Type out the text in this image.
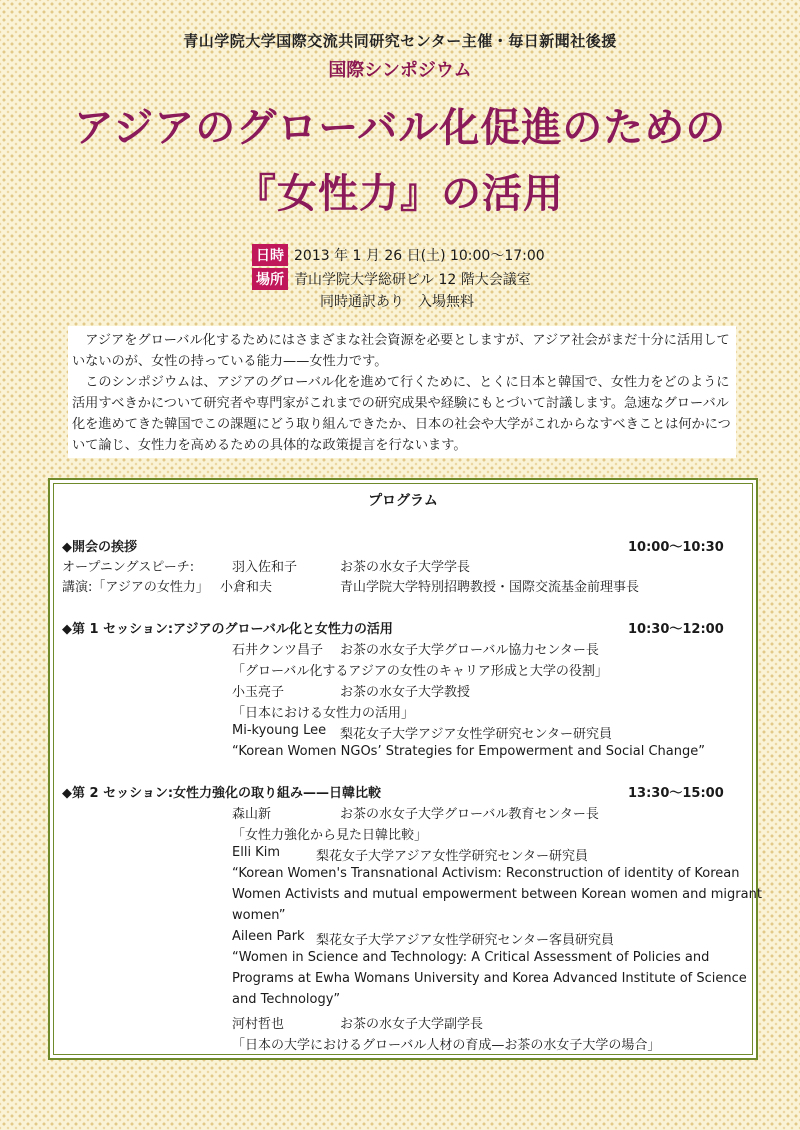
青山学院大学国際交流共同研究センター主催・毎日新聞社後援
国際シンポジウム
アジアのグローバル化促進のための
『女性力』の活用
日時 2013 年 1 月 26 日(土) 10:00～17:00
場所 青山学院大学総研ビル 12 階大会議室
同時通訳あり　入場無料

アジアをグローバル化するためにはさまざまな社会資源を必要としますが、アジア社会がまだ十分に活用していないのが、女性の持っている能力——女性力です。

このシンポジウムは、アジアのグローバル化を進めて行くために、とくに日本と韓国で、女性力をどのように活用すべきかについて研究者や専門家がこれまでの研究成果や経験にもとづいて討議します。急速なグローバル化を進めてきた韓国でこの課題にどう取り組んできたか、日本の社会や大学がこれからなすべきことは何かについて論じ、女性力を高めるための具体的な政策提言を行ないます。

プログラム
◆開会の挨拶	10:00～10:30
オープニングスピーチ:	羽入佐和子	お茶の水女子大学学長
講演:「アジアの女性力」 小倉和夫	青山学院大学特別招聘教授・国際交流基金前理事長
◆第 1 セッション:アジアのグローバル化と女性力の活用	10:30～12:00
石井クンツ昌子 お茶の水女子大学グローバル協力センター長
「グローバル化するアジアの女性のキャリア形成と大学の役割」
小玉亮子	お茶の水女子大学教授
「日本における女性力の活用」
Mi-kyoung Lee 梨花女子大学アジア女性学研究センター研究員
“Korean Women NGOs’ Strategies for Empowerment and Social Change”
◆第 2 セッション:女性力強化の取り組み——日韓比較	13:30～15:00
森山新	お茶の水女子大学グローバル教育センター長
「女性力強化から見た日韓比較」
Elli Kim	梨花女子大学アジア女性学研究センター研究員
“Korean Women's Transnational Activism: Reconstruction of identity of Korean
Women Activists and mutual empowerment between Korean women and migrant
women”
Aileen Park 梨花女子大学アジア女性学研究センター客員研究員
“Women in Science and Technology: A Critical Assessment of Policies and
Programs at Ewha Womans University and Korea Advanced Institute of Science
and Technology”
河村哲也	お茶の水女子大学副学長
「日本の大学におけるグローバル人材の育成—お茶の水女子大学の場合」
